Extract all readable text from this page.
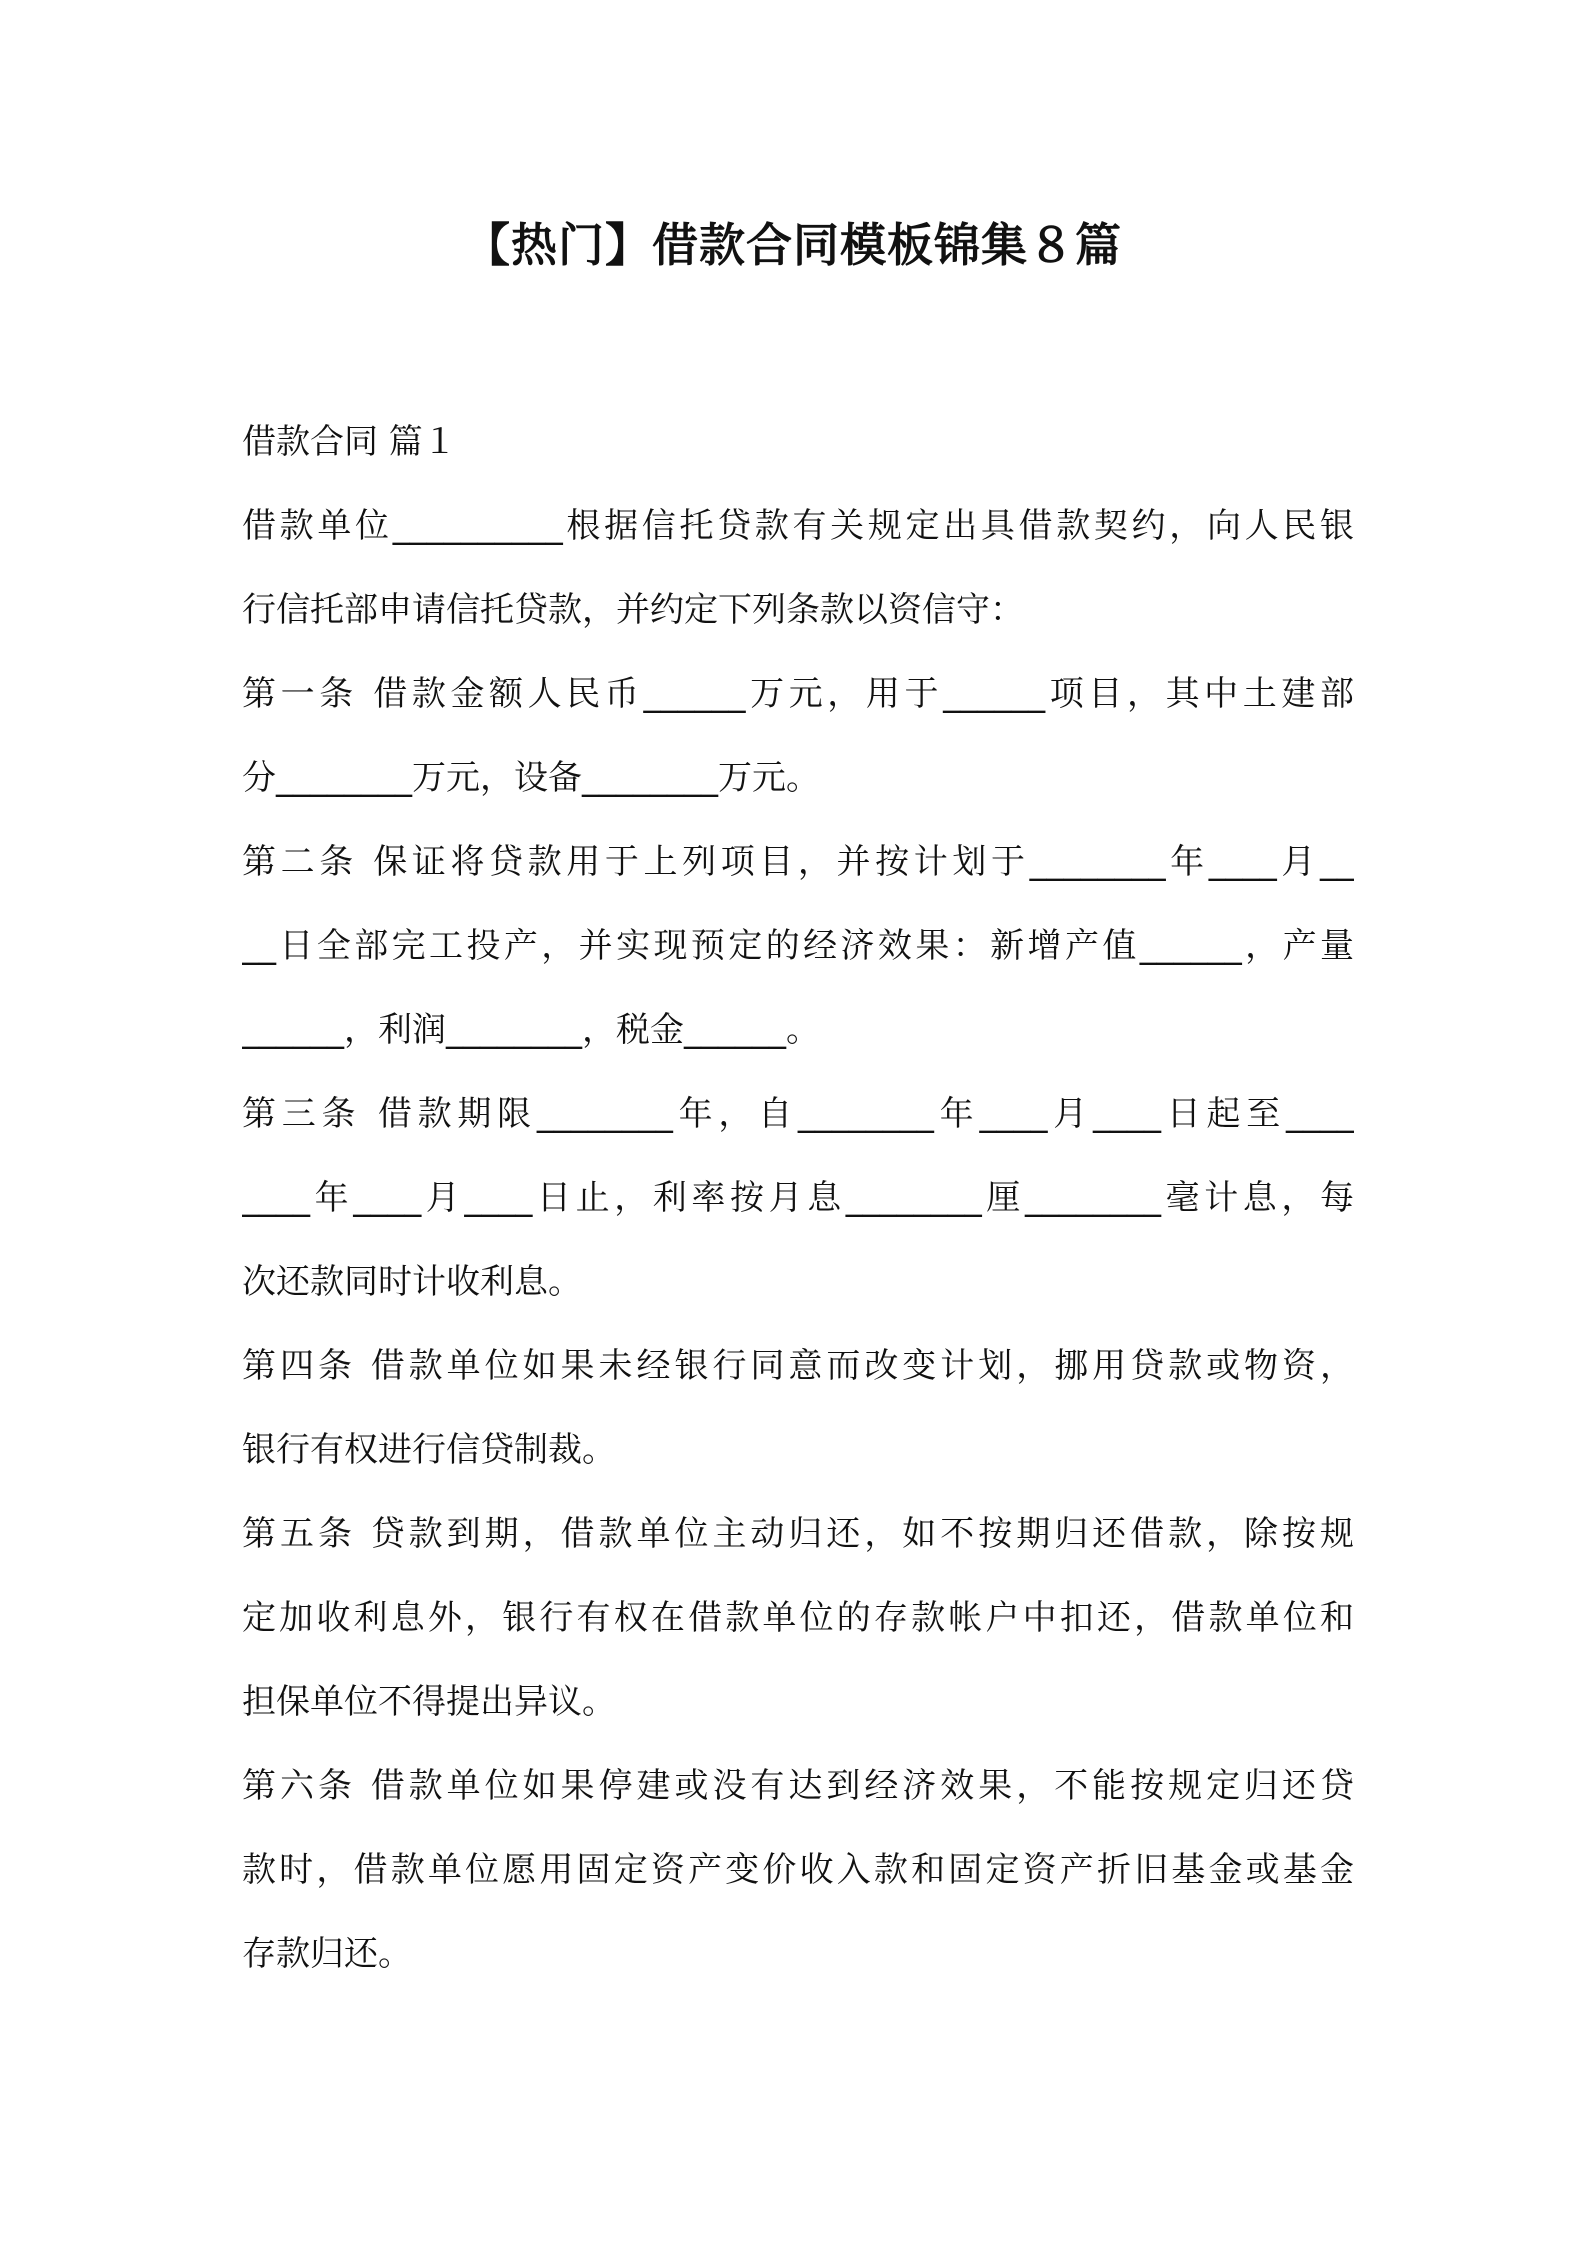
【热门】借款合同模板锦集８篇
借款合同 篇１
借款单位__________根据信托贷款有关规定出具借款契约，向人民银
行信托部申请信托贷款，并约定下列条款以资信守：
第一条 借款金额人民币______万元，用于______项目，其中土建部
分________万元，设备________万元。
第二条 保证将贷款用于上列项目，并按计划于________年____月__
__日全部完工投产，并实现预定的经济效果：新增产值______，产量
______，利润________，税金______。
第三条 借款期限________年，自________年____月____日起至____
____年____月____日止，利率按月息________厘________毫计息，每
次还款同时计收利息。
第四条 借款单位如果未经银行同意而改变计划，挪用贷款或物资，
银行有权进行信贷制裁。
第五条 贷款到期，借款单位主动归还，如不按期归还借款，除按规
定加收利息外，银行有权在借款单位的存款帐户中扣还，借款单位和
担保单位不得提出异议。
第六条 借款单位如果停建或没有达到经济效果，不能按规定归还贷
款时，借款单位愿用固定资产变价收入款和固定资产折旧基金或基金
存款归还。
